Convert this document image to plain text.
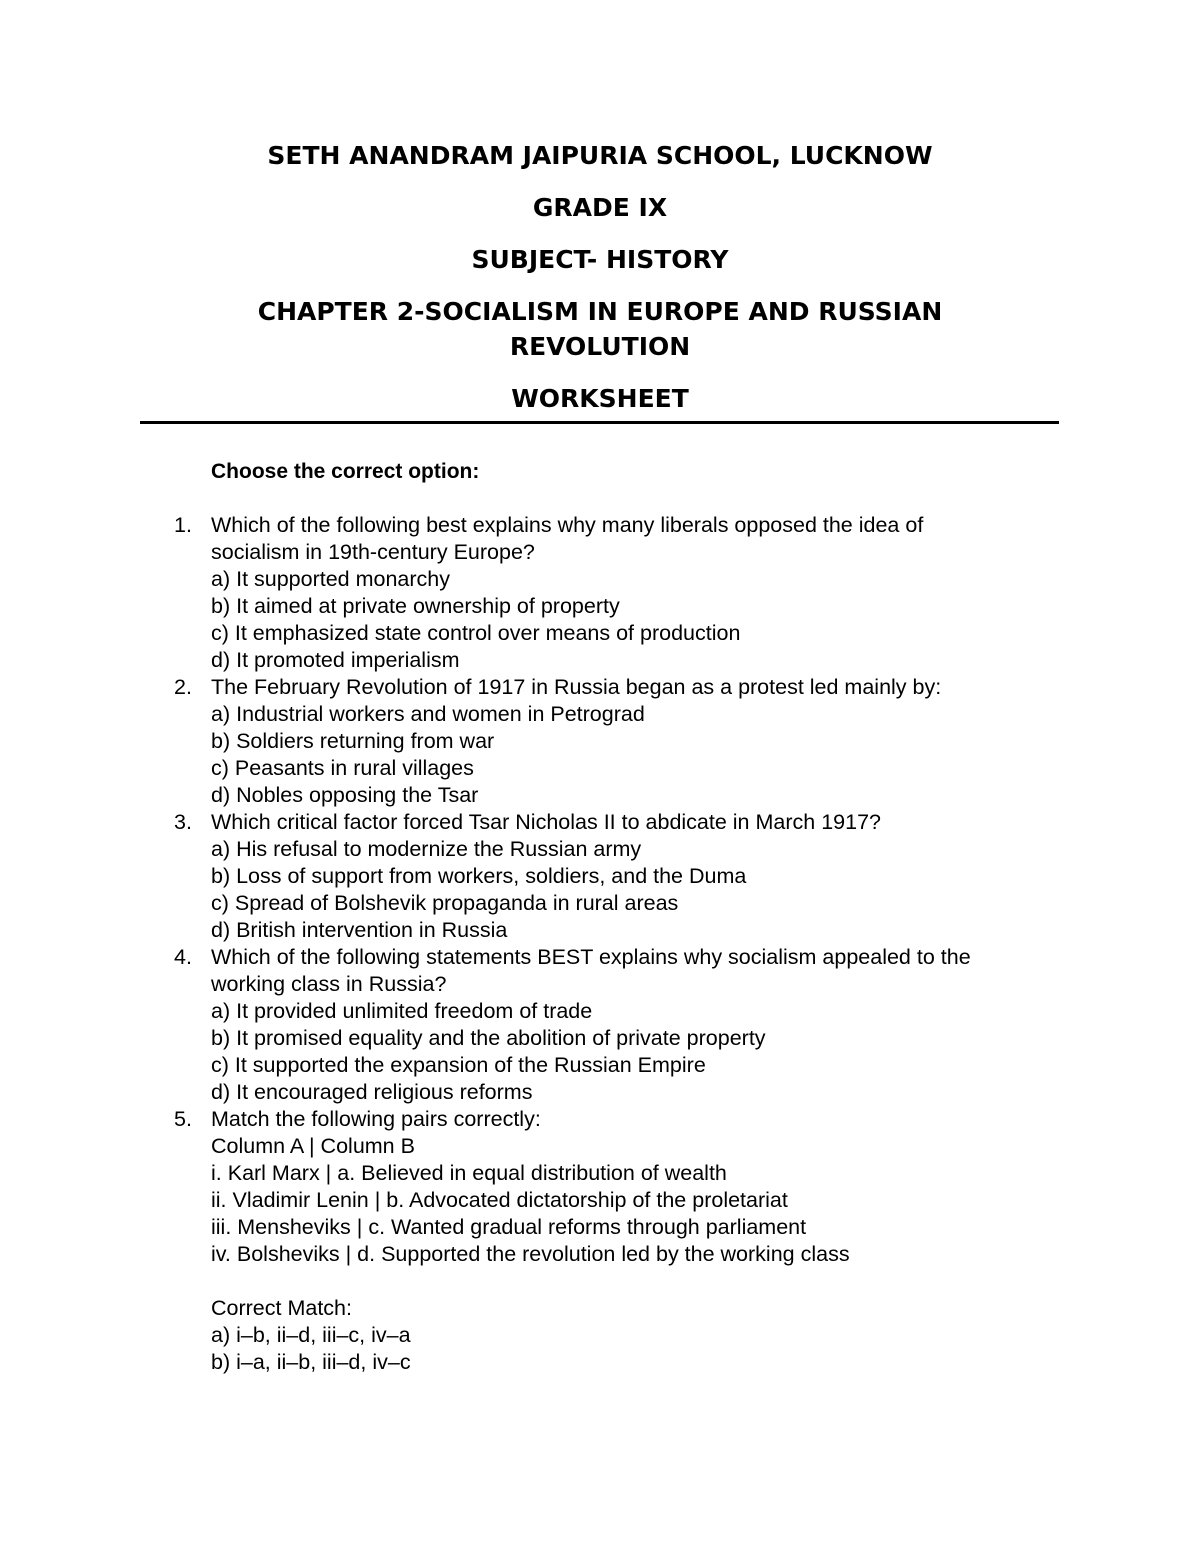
SETH ANANDRAM JAIPURIA SCHOOL, LUCKNOW
GRADE IX
SUBJECT- HISTORY
CHAPTER 2-SOCIALISM IN EUROPE AND RUSSIAN
REVOLUTION
WORKSHEET
Choose the correct option:
1. Which of the following best explains why many liberals opposed the idea of
socialism in 19th-century Europe?
a) It supported monarchy
b) It aimed at private ownership of property
c) It emphasized state control over means of production
d) It promoted imperialism
2. The February Revolution of 1917 in Russia began as a protest led mainly by:
a) Industrial workers and women in Petrograd
b) Soldiers returning from war
c) Peasants in rural villages
d) Nobles opposing the Tsar
3. Which critical factor forced Tsar Nicholas II to abdicate in March 1917?
a) His refusal to modernize the Russian army
b) Loss of support from workers, soldiers, and the Duma
c) Spread of Bolshevik propaganda in rural areas
d) British intervention in Russia
4. Which of the following statements BEST explains why socialism appealed to the
working class in Russia?
a) It provided unlimited freedom of trade
b) It promised equality and the abolition of private property
c) It supported the expansion of the Russian Empire
d) It encouraged religious reforms
5. Match the following pairs correctly:
Column A | Column B
i. Karl Marx | a. Believed in equal distribution of wealth
ii. Vladimir Lenin | b. Advocated dictatorship of the proletariat
iii. Mensheviks | c. Wanted gradual reforms through parliament
iv. Bolsheviks | d. Supported the revolution led by the working class
Correct Match:
a) i–b, ii–d, iii–c, iv–a
b) i–a, ii–b, iii–d, iv–c
